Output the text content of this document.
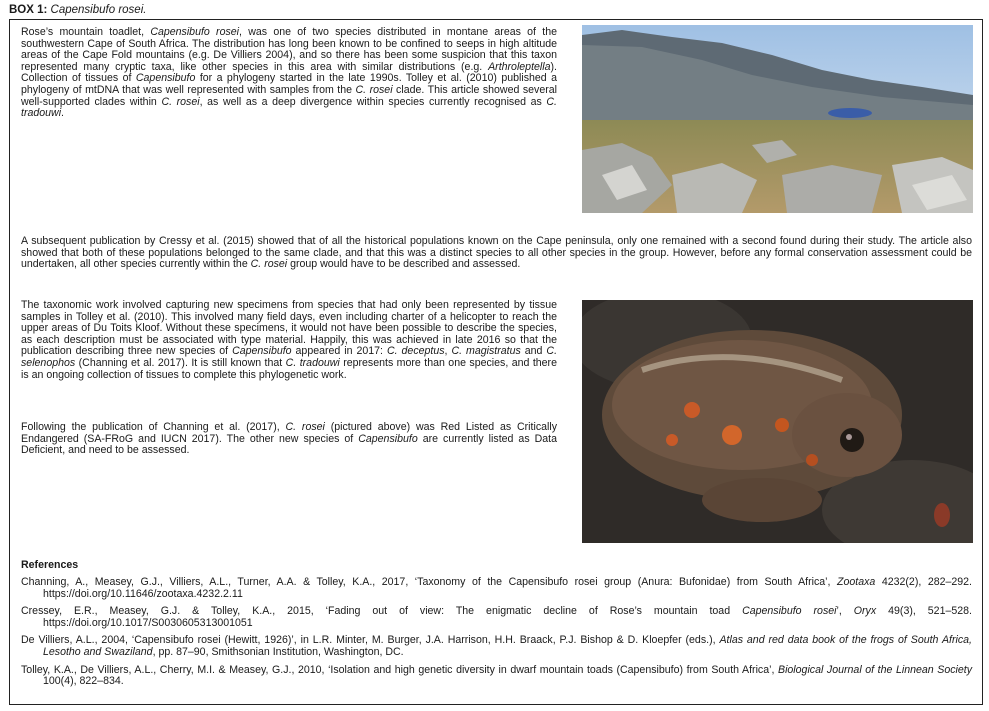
BOX 1: Capensibufo rosei.

Rose’s mountain toadlet, Capensibufo rosei, was one of two species distributed in montane areas of the southwestern Cape of South Africa. The distribution has long been known to be confined to seeps in high altitude areas of the Cape Fold mountains (e.g. De Villiers 2004), and so there has been some suspicion that this taxon represented many cryptic taxa, like other species in this area with similar distributions (e.g. Arthroleptella). Collection of tissues of Capensibufo for a phylogeny started in the late 1990s. Tolley et al. (2010) published a phylogeny of mtDNA that was well represented with samples from the C. rosei clade. This article showed several well-supported clades within C. rosei, as well as a deep divergence within species currently recognised as C. tradouwi.

A subsequent publication by Cressy et al. (2015) showed that of all the historical populations known on the Cape peninsula, only one remained with a second found during their study. The article also showed that both of these populations belonged to the same clade, and that this was a distinct species to all other species in the group. However, before any formal conservation assessment could be undertaken, all other species currently within the C. rosei group would have to be described and assessed.

The taxonomic work involved capturing new specimens from species that had only been represented by tissue samples in Tolley et al. (2010). This involved many field days, even including charter of a helicopter to reach the upper areas of Du Toits Kloof. Without these specimens, it would not have been possible to describe the species, as each description must be associated with type material. Happily, this was achieved in late 2016 so that the publication describing three new species of Capensibufo appeared in 2017: C. deceptus, C. magistratus and C. selenophos (Channing et al. 2017). It is still known that C. tradouwi represents more than one species, and there is an ongoing collection of tissues to complete this phylogenetic work.

Following the publication of Channing et al. (2017), C. rosei (pictured above) was Red Listed as Critically Endangered (SA-FRoG and IUCN 2017). The other new species of Capensibufo are currently listed as Data Deficient, and need to be assessed.

References

Channing, A., Measey, G.J., Villiers, A.L., Turner, A.A. & Tolley, K.A., 2017, ‘Taxonomy of the Capensibufo rosei group (Anura: Bufonidae) from South Africa’, Zootaxa 4232(2), 282–292. https://doi.org/10.11646/zootaxa.4232.2.11

Cressey, E.R., Measey, G.J. & Tolley, K.A., 2015, ‘Fading out of view: The enigmatic decline of Rose’s mountain toad Capensibufo rosei’, Oryx 49(3), 521–528. https://doi.org/10.1017/S0030605313001051

De Villiers, A.L., 2004, ‘Capensibufo rosei (Hewitt, 1926)’, in L.R. Minter, M. Burger, J.A. Harrison, H.H. Braack, P.J. Bishop & D. Kloepfer (eds.), Atlas and red data book of the frogs of South Africa, Lesotho and Swaziland, pp. 87–90, Smithsonian Institution, Washington, DC.

Tolley, K.A., De Villiers, A.L., Cherry, M.I. & Measey, G.J., 2010, ‘Isolation and high genetic diversity in dwarf mountain toads (Capensibufo) from South Africa’, Biological Journal of the Linnean Society 100(4), 822–834.
